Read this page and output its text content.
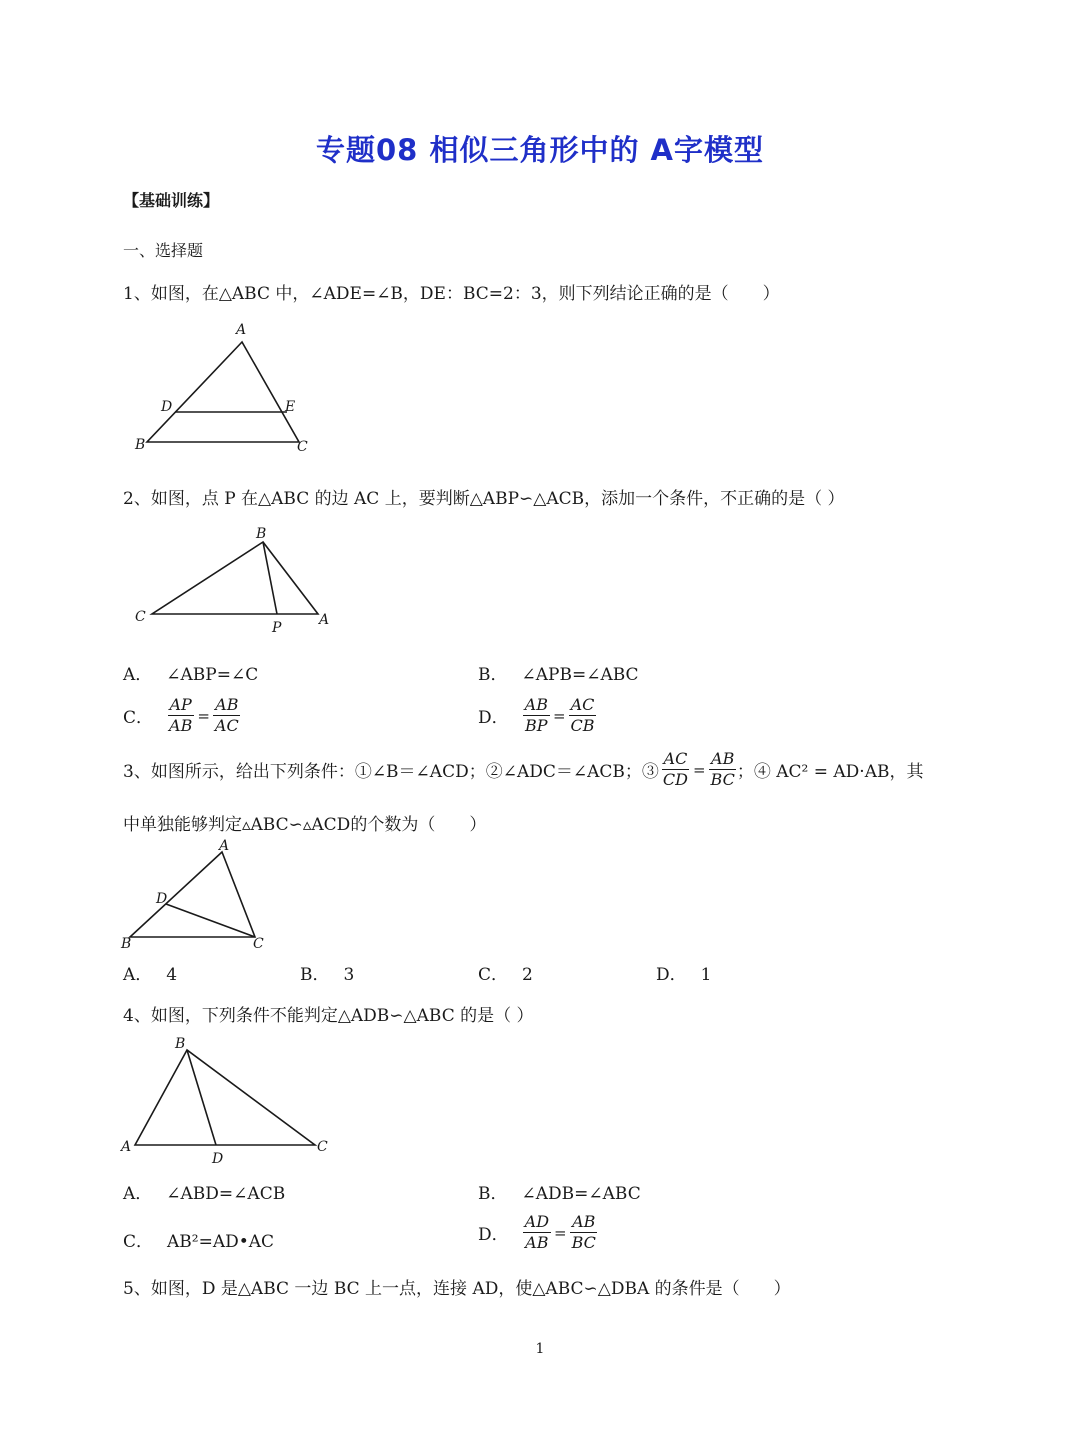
专题08 相似三角形中的 A字模型
【基础训练】
一、选择题
1、如图，在△ABC 中，∠ADE=∠B，DE：BC=2：3，则下列结论正确的是（　　）
A
D	E
B	C
2、如图，点 P 在△ABC 的边 AC 上，要判断△ABP∽△ACB，添加一个条件，不正确的是（ ）
B
C
P	A
A． ∠ABP=∠C	B． ∠APB=∠ABC
C． $\frac{AP}{AB} = \frac{AB}{AC}$	D． $\frac{AB}{BP} = \frac{AC}{CB}$
3、如图所示，给出下列条件：①∠B＝∠ACD；②∠ADC＝∠ACB；③ $\frac{AC}{CD} = \frac{AB}{BC}$ ；④ AC² = AD·AB，其
中单独能够判定▵ABC∽▵ACD的个数为（　　）
A
D
B	C
A． 4	B． 3	C． 2	D． 1
4、如图，下列条件不能判定△ADB∽△ABC 的是（ ）
B
A
D
C
A． ∠ABD=∠ACB	B． ∠ADB=∠ABC
C． AB²=AD•AC	D． $\frac{AD}{AB} = \frac{AB}{BC}$
5、如图，D 是△ABC 一边 BC 上一点，连接 AD，使△ABC∽△DBA 的条件是（　　）
1
